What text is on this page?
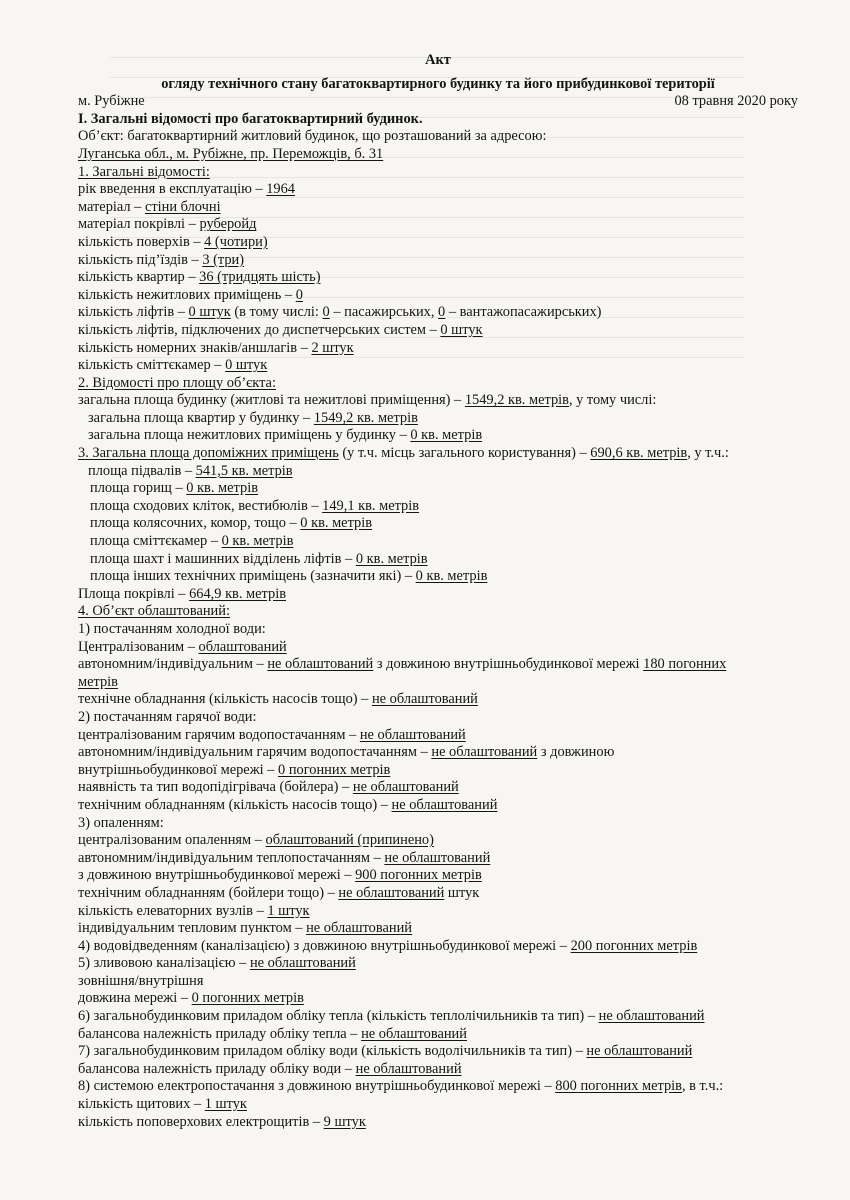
Акт
огляду технічного стану багатоквартирного будинку та його прибудинкової території
м. Рубіжне	08 травня 2020 року
І. Загальні відомості про багатоквартирний будинок.
Об’єкт: багатоквартирний житловий будинок, що розташований за адресою:
Луганська обл., м. Рубіжне, пр. Переможців, б. 31
1. Загальні відомості:
рік введення в експлуатацію – 1964
матеріал – стіни блочні
матеріал покрівлі – руберойд
кількість поверхів – 4 (чотири)
кількість під’їздів – 3 (три)
кількість квартир – 36 (тридцять шість)
кількість нежитлових приміщень – 0
кількість ліфтів – 0 штук (в тому числі: 0 – пасажирських, 0 – вантажопасажирських)
кількість ліфтів, підключених до диспетчерських систем – 0 штук
кількість номерних знаків/аншлагів – 2 штук
кількість сміттєкамер – 0 штук
2. Відомості про площу об’єкта:
загальна площа будинку (житлові та нежитлові приміщення) – 1549,2 кв. метрів, у тому числі:
загальна площа квартир у будинку – 1549,2 кв. метрів
загальна площа нежитлових приміщень у будинку – 0 кв. метрів
3. Загальна площа допоміжних приміщень (у т.ч. місць загального користування) – 690,6 кв. метрів, у т.ч.:
площа підвалів – 541,5 кв. метрів
площа горищ – 0 кв. метрів
площа сходових кліток, вестибюлів – 149,1 кв. метрів
площа колясочних, комор, тощо – 0 кв. метрів
площа сміттєкамер – 0 кв. метрів
площа шахт і машинних відділень ліфтів – 0 кв. метрів
площа інших технічних приміщень (зазначити які) – 0 кв. метрів
Площа покрівлі – 664,9 кв. метрів
4. Об’єкт облаштований:
1) постачанням холодної води:
Централізованим – облаштований
автономним/індивідуальним – не облаштований з довжиною внутрішньобудинкової мережі 180 погонних
метрів
технічне обладнання (кількість насосів тощо) – не облаштований
2) постачанням гарячої води:
централізованим гарячим водопостачанням – не облаштований
автономним/індивідуальним гарячим водопостачанням – не облаштований з довжиною
внутрішньобудинкової мережі – 0 погонних метрів
наявність та тип водопідігрівача (бойлера) – не облаштований
технічним обладнанням (кількість насосів тощо) – не облаштований
3) опаленням:
централізованим опаленням – облаштований (припинено)
автономним/індивідуальним теплопостачанням – не облаштований
з довжиною внутрішньобудинкової мережі – 900 погонних метрів
технічним обладнанням (бойлери тощо) – не облаштований штук
кількість елеваторних вузлів – 1 штук
індивідуальним тепловим пунктом – не облаштований
4) водовідведенням (каналізацією) з довжиною внутрішньобудинкової мережі – 200 погонних метрів
5) зливовою каналізацією – не облаштований
зовнішня/внутрішня
довжина мережі – 0 погонних метрів
6) загальнобудинковим приладом обліку тепла (кількість теплолічильників та тип) – не облаштований
балансова належність приладу обліку тепла – не облаштований
7) загальнобудинковим приладом обліку води (кількість водолічильників та тип) – не облаштований
балансова належність приладу обліку води – не облаштований
8) системою електропостачання з довжиною внутрішньобудинкової мережі – 800 погонних метрів, в т.ч.:
кількість щитових – 1 штук
кількість поповерхових електрощитів – 9 штук
